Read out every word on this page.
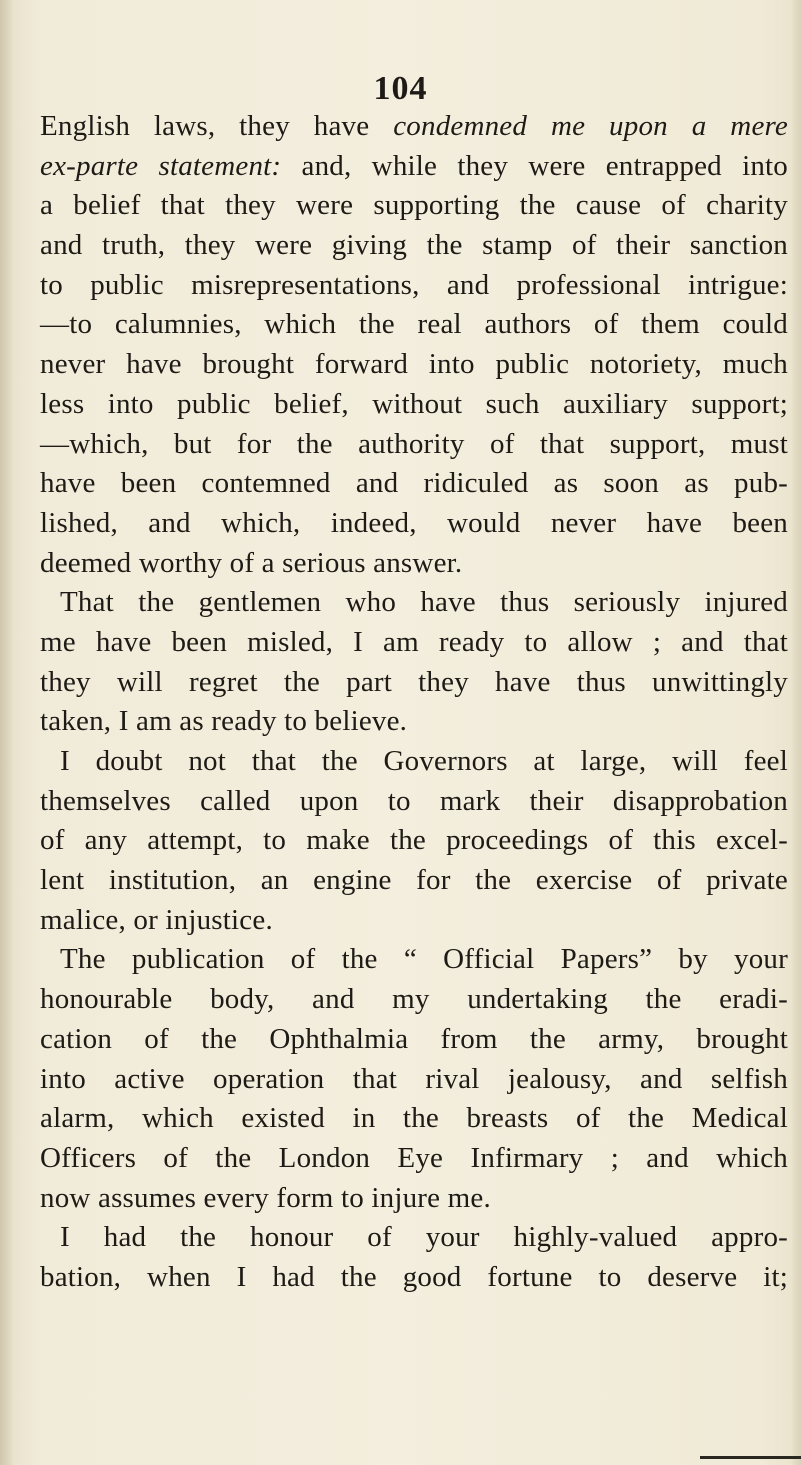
104
English laws, they have condemned me upon a mere
ex-parte statement: and, while they were entrapped into
a belief that they were supporting the cause of charity
and truth, they were giving the stamp of their sanction
to public misrepresentations, and professional intrigue:
—to calumnies, which the real authors of them could
never have brought forward into public notoriety, much
less into public belief, without such auxiliary support;
—which, but for the authority of that support, must
have been contemned and ridiculed as soon as pub-
lished, and which, indeed, would never have been
deemed worthy of a serious answer.
That the gentlemen who have thus seriously injured
me have been misled, I am ready to allow ; and that
they will regret the part they have thus unwittingly
taken, I am as ready to believe.
I doubt not that the Governors at large, will feel
themselves called upon to mark their disapprobation
of any attempt, to make the proceedings of this excel-
lent institution, an engine for the exercise of private
malice, or injustice.
The publication of the “ Official Papers” by your
honourable body, and my undertaking the eradi-
cation of the Ophthalmia from the army, brought
into active operation that rival jealousy, and selfish
alarm, which existed in the breasts of the Medical
Officers of the London Eye Infirmary ; and which
now assumes every form to injure me.
I had the honour of your highly-valued appro-
bation, when I had the good fortune to deserve it;
